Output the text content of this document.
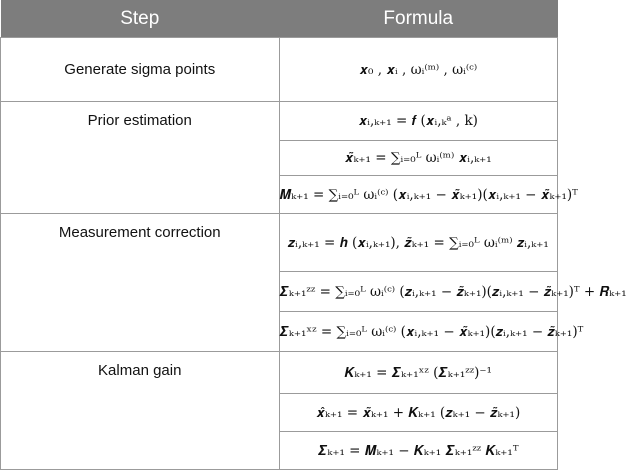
Step	Formula
Generate sigma points	𝒙₀ , 𝒙ᵢ , ωᵢ⁽ᵐ⁾ , ωᵢ⁽ᶜ⁾
Prior estimation	𝒙ᵢ,ₖ₊₁ = 𝒇 (𝒙ᵢ,ₖᵃ , k)
	𝒙̃ₖ₊₁ = ∑ᵢ₌₀ᴸ ωᵢ⁽ᵐ⁾ 𝒙ᵢ,ₖ₊₁
	𝑴ₖ₊₁ = ∑ᵢ₌₀ᴸ ωᵢ⁽ᶜ⁾ (𝒙ᵢ,ₖ₊₁ − 𝒙̃ₖ₊₁)(𝒙ᵢ,ₖ₊₁ − 𝒙̃ₖ₊₁)ᵀ
Measurement correction	𝒛ᵢ,ₖ₊₁ = 𝒉 (𝒙ᵢ,ₖ₊₁), 𝒛̃ₖ₊₁ = ∑ᵢ₌₀ᴸ ωᵢ⁽ᵐ⁾ 𝒛ᵢ,ₖ₊₁
	𝜮ₖ₊₁ᶻᶻ = ∑ᵢ₌₀ᴸ ωᵢ⁽ᶜ⁾ (𝒛ᵢ,ₖ₊₁ − 𝒛̃ₖ₊₁)(𝒛ᵢ,ₖ₊₁ − 𝒛̃ₖ₊₁)ᵀ + 𝑹ₖ₊₁
	𝜮ₖ₊₁ˣᶻ = ∑ᵢ₌₀ᴸ ωᵢ⁽ᶜ⁾ (𝒙ᵢ,ₖ₊₁ − 𝒙̃ₖ₊₁)(𝒛ᵢ,ₖ₊₁ − 𝒛̃ₖ₊₁)ᵀ
Kalman gain	𝑲ₖ₊₁ = 𝜮ₖ₊₁ˣᶻ (𝜮ₖ₊₁ᶻᶻ)⁻¹
	𝒙̂ₖ₊₁ = 𝒙̃ₖ₊₁ + 𝑲ₖ₊₁ (𝒛ₖ₊₁ − 𝒛̃ₖ₊₁)
	𝜮ₖ₊₁ = 𝑴ₖ₊₁ − 𝑲ₖ₊₁ 𝜮ₖ₊₁ᶻᶻ 𝑲ₖ₊₁ᵀ
